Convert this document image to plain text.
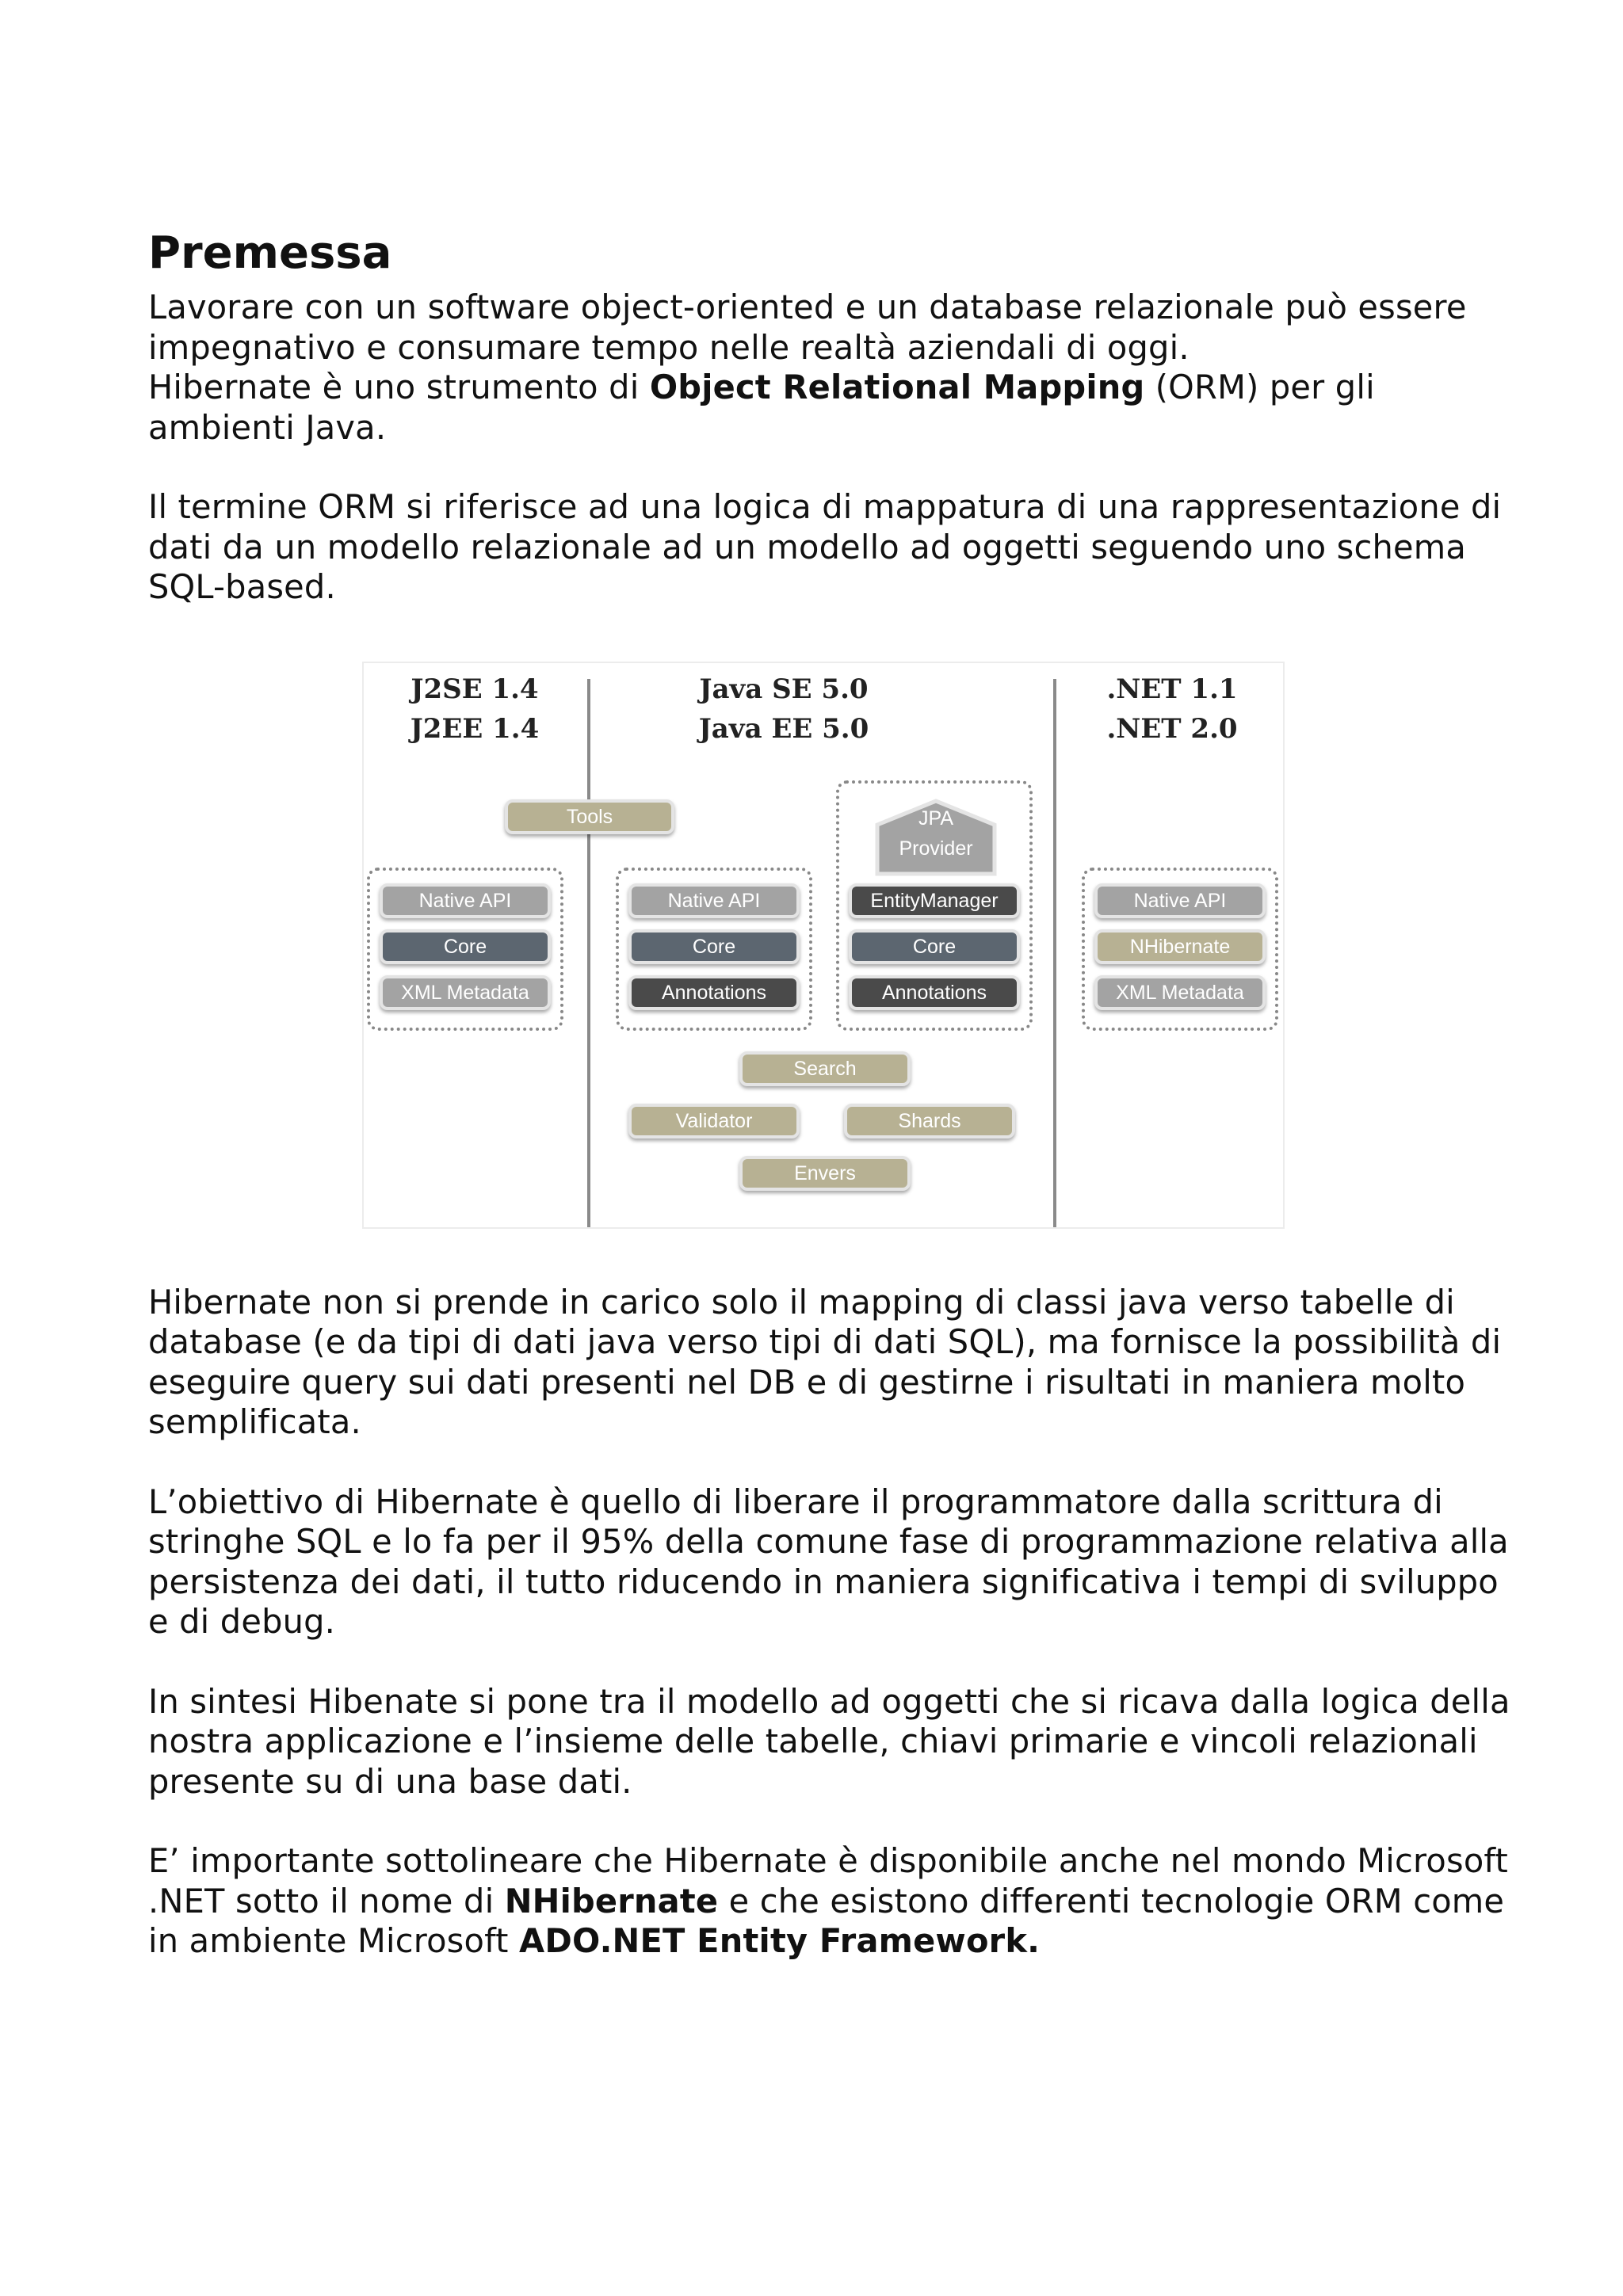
Premessa

Lavorare con un software object-oriented e un database relazionale può essere impegnativo e consumare tempo nelle realtà aziendali di oggi.
Hibernate è uno strumento di Object Relational Mapping (ORM) per gli ambienti Java.

Il termine ORM si riferisce ad una logica di mappatura di una rappresentazione di dati da un modello relazionale ad un modello ad oggetti seguendo uno schema SQL-based.

J2SE 1.4
J2EE 1.4
Java SE 5.0
Java EE 5.0
.NET 1.1
.NET 2.0
Tools
Native API
Core
XML Metadata
Native API
Core
Annotations
JPA
Provider
EntityManager
Core
Annotations
Native API
NHibernate
XML Metadata
Search
Validator	Shards
Envers

Hibernate non si prende in carico solo il mapping di classi java verso tabelle di database (e da tipi di dati java verso tipi di dati SQL), ma fornisce la possibilità di eseguire query sui dati presenti nel DB e di gestirne i risultati in maniera molto semplificata.

L’obiettivo di Hibernate è quello di liberare il programmatore dalla scrittura di stringhe SQL e lo fa per il 95% della comune fase di programmazione relativa alla persistenza dei dati, il tutto riducendo in maniera significativa i tempi di sviluppo e di debug.

In sintesi Hibenate si pone tra il modello ad oggetti che si ricava dalla logica della nostra applicazione e l’insieme delle tabelle, chiavi primarie e vincoli relazionali presente su di una base dati.

E’ importante sottolineare che Hibernate è disponibile anche nel mondo Microsoft .NET sotto il nome di NHibernate e che esistono differenti tecnologie ORM come in ambiente Microsoft ADO.NET Entity Framework.
